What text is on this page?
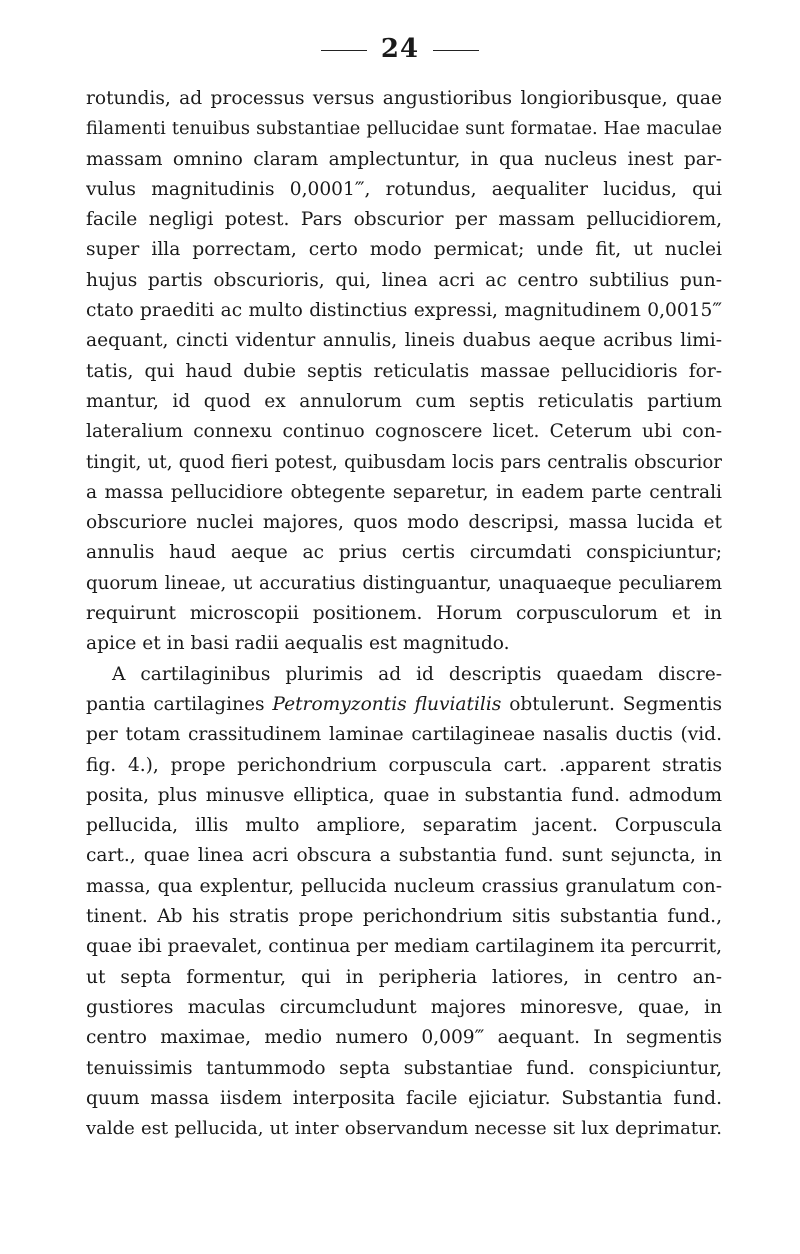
24
rotundis, ad processus versus angustioribus longioribusque, quae
filamenti tenuibus substantiae pellucidae sunt formatae. Hae maculae
massam omnino claram amplectuntur, in qua nucleus inest par-
vulus magnitudinis 0,0001‴, rotundus, aequaliter lucidus, qui
facile negligi potest. Pars obscurior per massam pellucidiorem,
super illa porrectam, certo modo permicat; unde fit, ut nuclei
hujus partis obscurioris, qui, linea acri ac centro subtilius pun-
ctato praediti ac multo distinctius expressi, magnitudinem 0,0015‴
aequant, cincti videntur annulis, lineis duabus aeque acribus limi-
tatis, qui haud dubie septis reticulatis massae pellucidioris for-
mantur, id quod ex annulorum cum septis reticulatis partium
lateralium connexu continuo cognoscere licet. Ceterum ubi con-
tingit, ut, quod fieri potest, quibusdam locis pars centralis obscurior
a massa pellucidiore obtegente separetur, in eadem parte centrali
obscuriore nuclei majores, quos modo descripsi, massa lucida et
annulis haud aeque ac prius certis circumdati conspiciuntur;
quorum lineae, ut accuratius distinguantur, unaquaeque peculiarem
requirunt microscopii positionem. Horum corpusculorum et in
apice et in basi radii aequalis est magnitudo.
A cartilaginibus plurimis ad id descriptis quaedam discre-
pantia cartilagines Petromyzontis fluviatilis obtulerunt. Segmentis
per totam crassitudinem laminae cartilagineae nasalis ductis (vid.
fig. 4.), prope perichondrium corpuscula cart. .apparent stratis
posita, plus minusve elliptica, quae in substantia fund. admodum
pellucida, illis multo ampliore, separatim jacent. Corpuscula
cart., quae linea acri obscura a substantia fund. sunt sejuncta, in
massa, qua explentur, pellucida nucleum crassius granulatum con-
tinent. Ab his stratis prope perichondrium sitis substantia fund.,
quae ibi praevalet, continua per mediam cartilaginem ita percurrit,
ut septa formentur, qui in peripheria latiores, in centro an-
gustiores maculas circumcludunt majores minoresve, quae, in
centro maximae, medio numero 0,009‴ aequant. In segmentis
tenuissimis tantummodo septa substantiae fund. conspiciuntur,
quum massa iisdem interposita facile ejiciatur. Substantia fund.
valde est pellucida, ut inter observandum necesse sit lux deprimatur.
